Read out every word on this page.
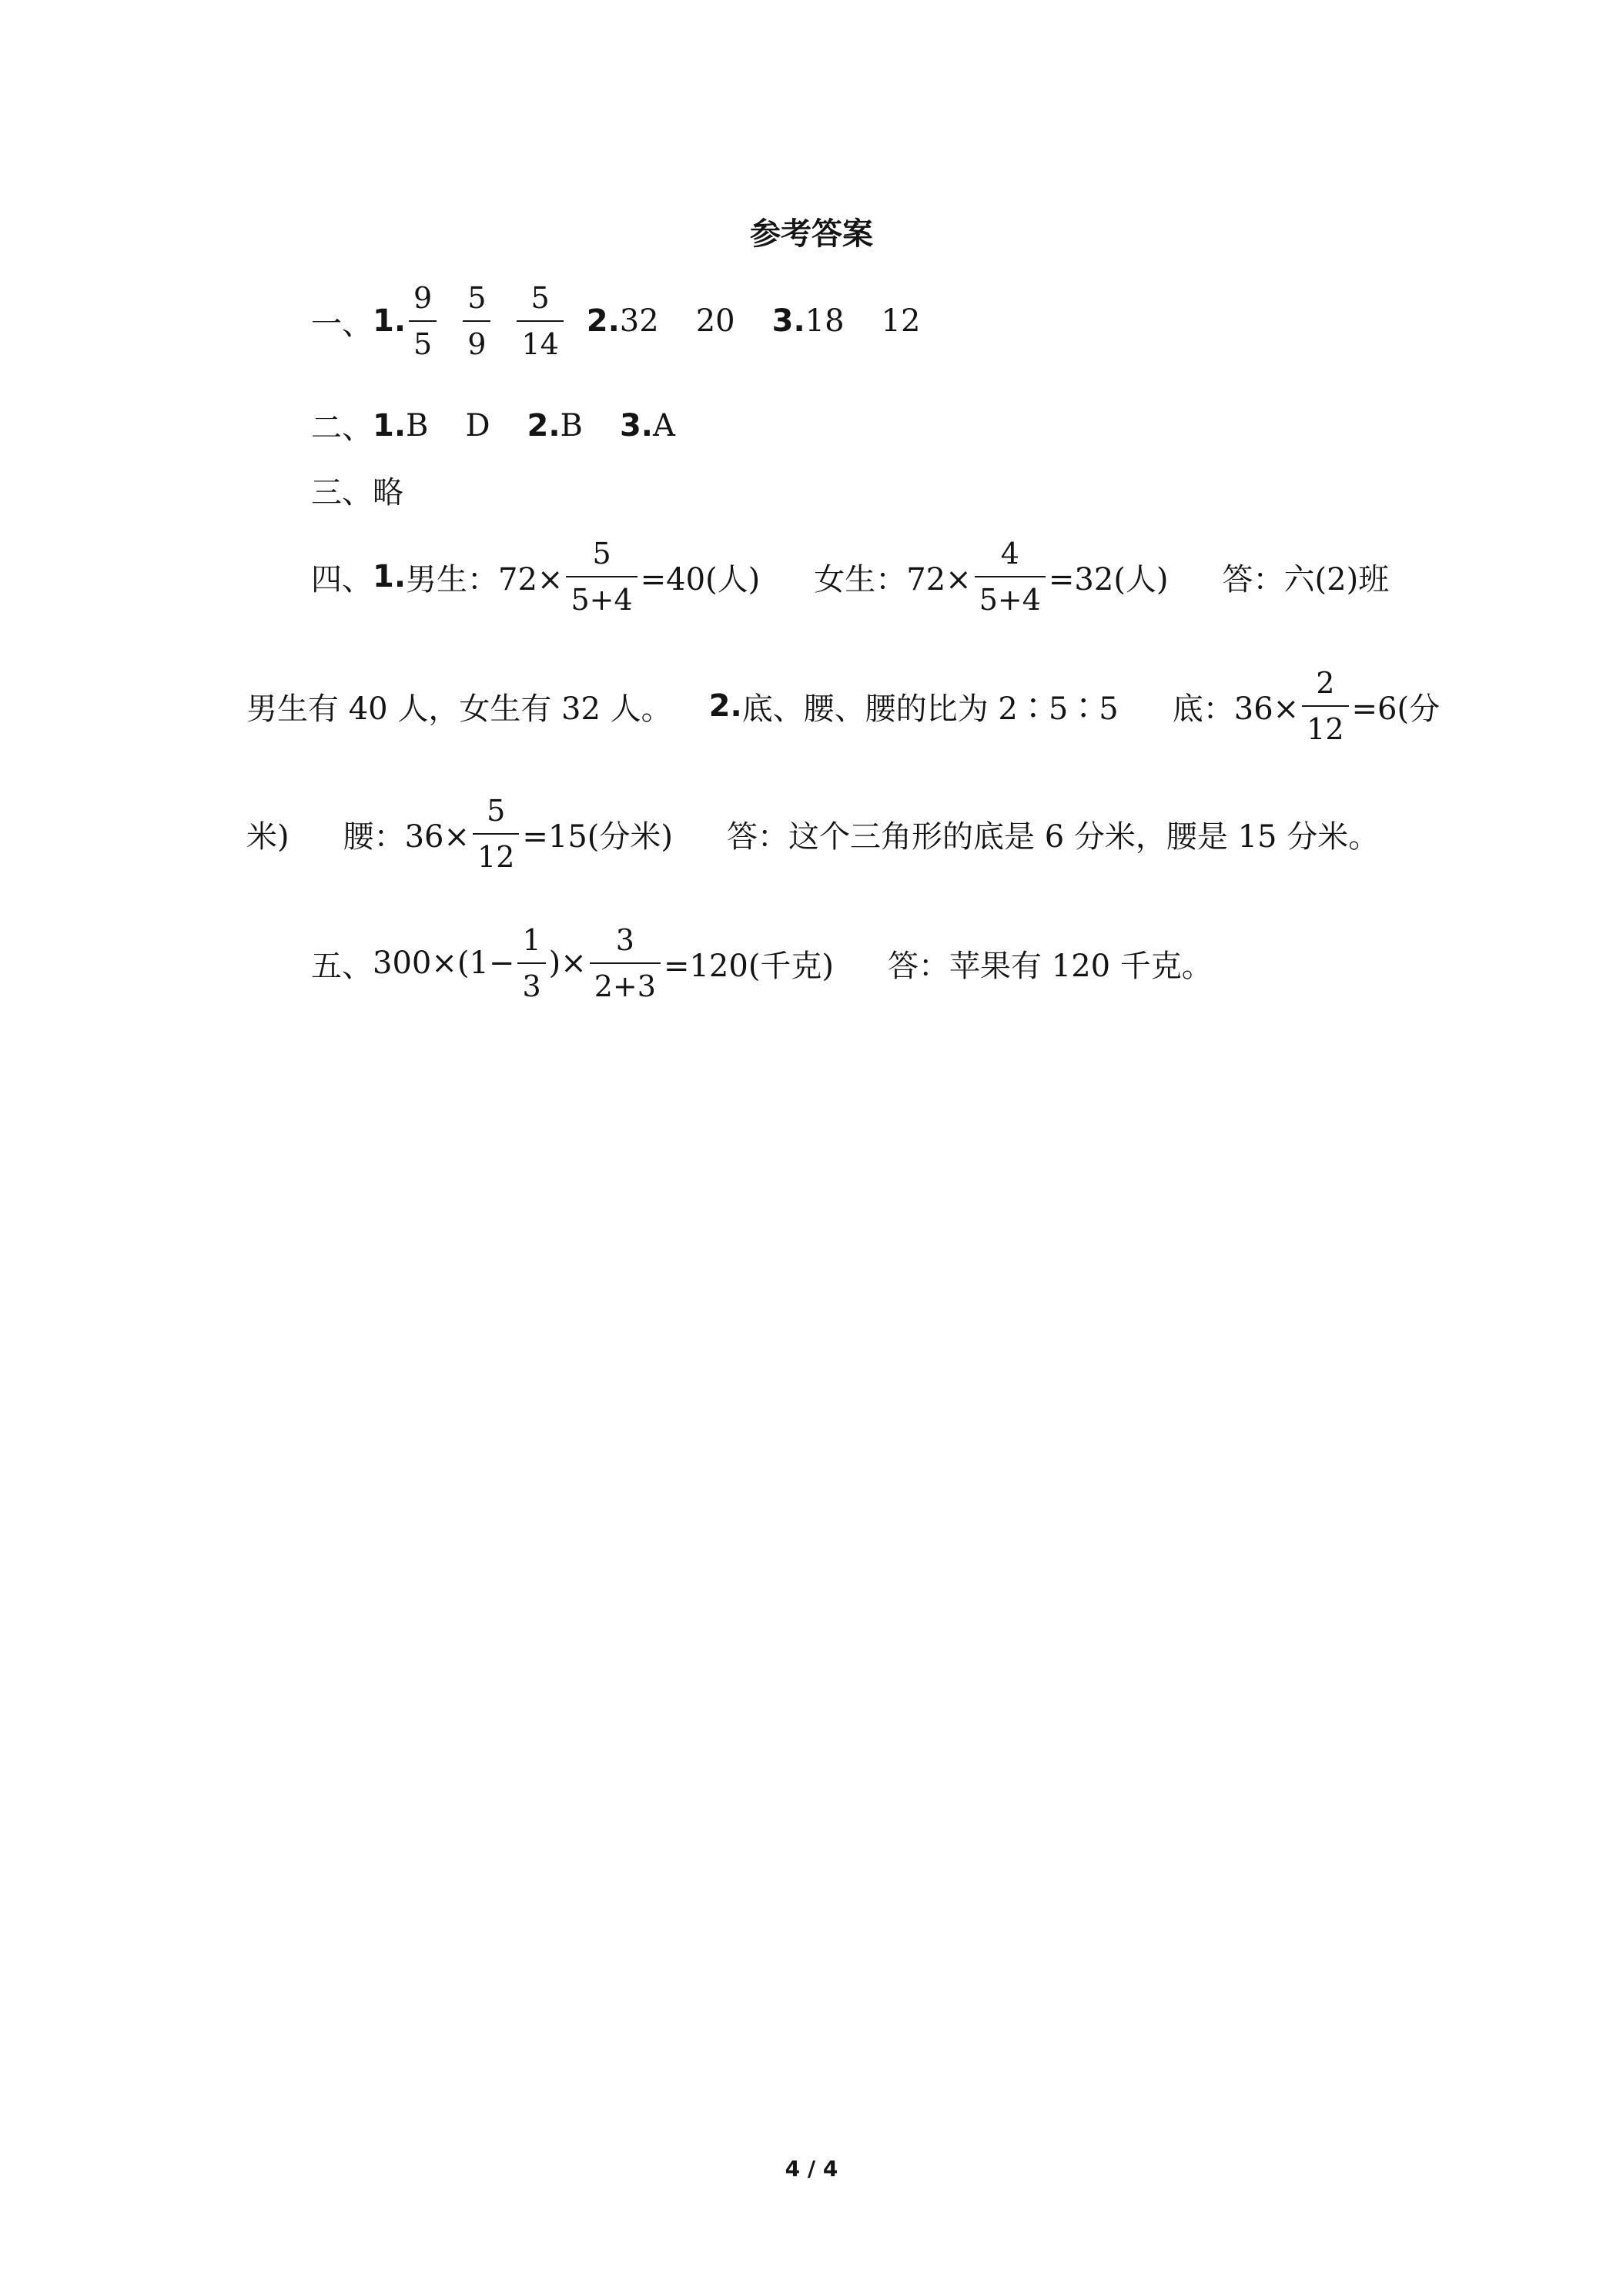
参考答案
一、 1. $\frac{9}{5} \frac{5}{9} \frac{5}{14} 2$. 32 20 3. 18 12
二、 1. B D 2. B 3. A
三、略
四、 1. 男生：$72\times \frac{5}{5+4} =40$(人) 女生：$72\times \frac{4}{5+4} =32$(人) 答：六(2)班
男生有 40 人，女生有 32 人。 2. 底、腰、腰的比为 2∶5∶5 底：$36\times \frac{2}{12} =6$(分
米) 腰：$36\times \frac{5}{12} =15$(分米) 答：这个三角形的底是 6 分米，腰是 15 分米。
五、 $300\times(1- \frac{1}{3}$ )× $\frac{3}{2+3} =120$(千克) 答：苹果有 120 千克。
4 / 4
